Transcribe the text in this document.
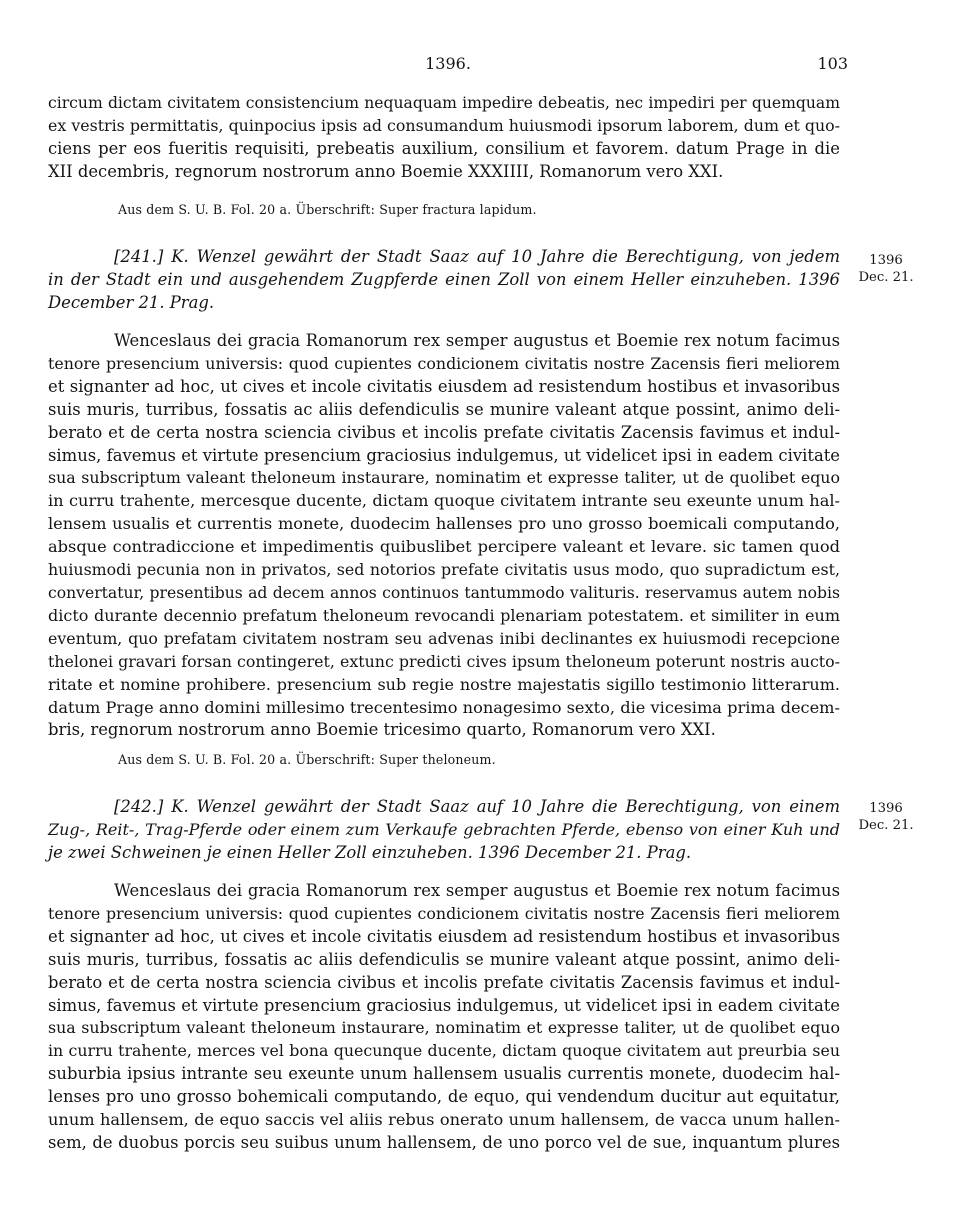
1396.	103
circum dictam civitatem consistencium nequaquam impedire debeatis, nec impediri per quemquam
ex vestris permittatis, quinpocius ipsis ad consumandum huiusmodi ipsorum laborem, dum et quo-
ciens per eos fueritis requisiti, prebeatis auxilium, consilium et favorem. datum Prage in die
XII decembris, regnorum nostrorum anno Boemie XXXIIII, Romanorum vero XXI.
Aus dem S. U. B. Fol. 20 a. Überschrift: Super fractura lapidum.
1396
Dec. 21.
[241.] K. Wenzel gewährt der Stadt Saaz auf 10 Jahre die Berechtigung, von jedem
in der Stadt ein und ausgehendem Zugpferde einen Zoll von einem Heller einzuheben. 1396
December 21. Prag.
Wenceslaus dei gracia Romanorum rex semper augustus et Boemie rex notum facimus
tenore presencium universis: quod cupientes condicionem civitatis nostre Zacensis fieri meliorem
et signanter ad hoc, ut cives et incole civitatis eiusdem ad resistendum hostibus et invasoribus
suis muris, turribus, fossatis ac aliis defendiculis se munire valeant atque possint, animo deli-
berato et de certa nostra sciencia civibus et incolis prefate civitatis Zacensis favimus et indul-
simus, favemus et virtute presencium graciosius indulgemus, ut videlicet ipsi in eadem civitate
sua subscriptum valeant theloneum instaurare, nominatim et expresse taliter, ut de quolibet equo
in curru trahente, mercesque ducente, dictam quoque civitatem intrante seu exeunte unum hal-
lensem usualis et currentis monete, duodecim hallenses pro uno grosso boemicali computando,
absque contradiccione et impedimentis quibuslibet percipere valeant et levare. sic tamen quod
huiusmodi pecunia non in privatos, sed notorios prefate civitatis usus modo, quo supradictum est,
convertatur, presentibus ad decem annos continuos tantummodo valituris. reservamus autem nobis
dicto durante decennio prefatum theloneum revocandi plenariam potestatem. et similiter in eum
eventum, quo prefatam civitatem nostram seu advenas inibi declinantes ex huiusmodi recepcione
thelonei gravari forsan contingeret, extunc predicti cives ipsum theloneum poterunt nostris aucto-
ritate et nomine prohibere. presencium sub regie nostre majestatis sigillo testimonio litterarum.
datum Prage anno domini millesimo trecentesimo nonagesimo sexto, die vicesima prima decem-
bris, regnorum nostrorum anno Boemie tricesimo quarto, Romanorum vero XXI.
Aus dem S. U. B. Fol. 20 a. Überschrift: Super theloneum.
1396
Dec. 21.
[242.] K. Wenzel gewährt der Stadt Saaz auf 10 Jahre die Berechtigung, von einem
Zug-, Reit-, Trag-Pferde oder einem zum Verkaufe gebrachten Pferde, ebenso von einer Kuh und
je zwei Schweinen je einen Heller Zoll einzuheben. 1396 December 21. Prag.
Wenceslaus dei gracia Romanorum rex semper augustus et Boemie rex notum facimus
tenore presencium universis: quod cupientes condicionem civitatis nostre Zacensis fieri meliorem
et signanter ad hoc, ut cives et incole civitatis eiusdem ad resistendum hostibus et invasoribus
suis muris, turribus, fossatis ac aliis defendiculis se munire valeant atque possint, animo deli-
berato et de certa nostra sciencia civibus et incolis prefate civitatis Zacensis favimus et indul-
simus, favemus et virtute presencium graciosius indulgemus, ut videlicet ipsi in eadem civitate
sua subscriptum valeant theloneum instaurare, nominatim et expresse taliter, ut de quolibet equo
in curru trahente, merces vel bona quecunque ducente, dictam quoque civitatem aut preurbia seu
suburbia ipsius intrante seu exeunte unum hallensem usualis currentis monete, duodecim hal-
lenses pro uno grosso bohemicali computando, de equo, qui vendendum ducitur aut equitatur,
unum hallensem, de equo saccis vel aliis rebus onerato unum hallensem, de vacca unum hallen-
sem, de duobus porcis seu suibus unum hallensem, de uno porco vel de sue, inquantum plures
